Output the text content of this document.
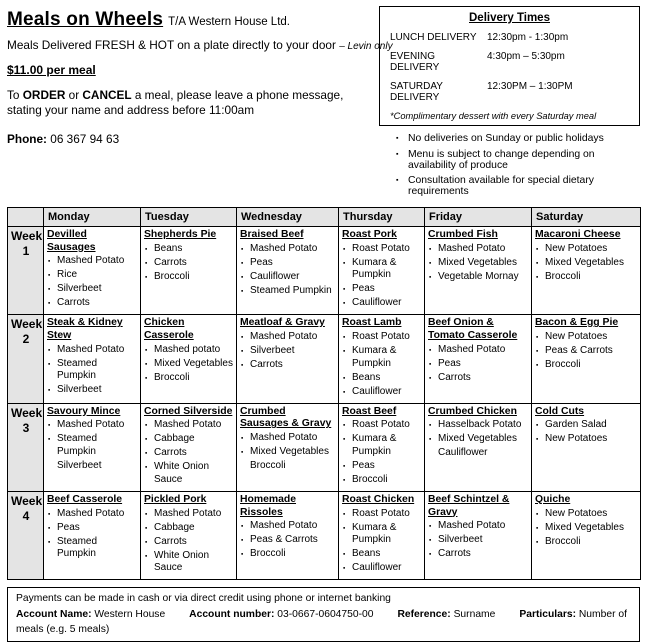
Meals on Wheels T/A Western House Ltd.
Meals Delivered FRESH & HOT on a plate directly to your door – Levin only
$11.00 per meal
To ORDER or CANCEL a meal, please leave a phone message, stating your name and address before 11:00am
Phone: 06 367 94 63
Delivery Times
LUNCH DELIVERY	12:30pm - 1:30pm
EVENING DELIVERY
4:30pm – 5:30pm
SATURDAY DELIVERY
12:30PM – 1:30PM
*Complimentary dessert with every Saturday meal
▪ No deliveries on Sunday or public holidays
▪ Menu is subject to change depending on availability of produce
▪ Consultation available for special dietary requirements
	Monday	Tuesday	Wednesday	Thursday	Friday	Saturday

Week
1

Devilled Sausages
▪ Mashed Potato
▪ Rice
▪ Silverbeet
▪ Carrots

Shepherds Pie
▪ Beans
▪ Carrots
▪ Broccoli

Braised Beef
▪ Mashed Potato
▪ Peas
▪ Cauliflower
▪ Steamed Pumpkin

Roast Pork
▪ Roast Potato
▪ Kumara & Pumpkin
▪ Peas
▪ Cauliflower

Crumbed Fish
▪ Mashed Potato
▪ Mixed Vegetables
▪ Vegetable Mornay

Macaroni Cheese
▪ New Potatoes
▪ Mixed Vegetables
▪ Broccoli

Week
2

Steak & Kidney Stew
▪ Mashed Potato
▪ Steamed Pumpkin
▪ Silverbeet

Chicken Casserole
▪ Mashed potato
▪ Mixed Vegetables
▪ Broccoli

Meatloaf & Gravy
▪ Mashed Potato
▪ Silverbeet
▪ Carrots

Roast Lamb
▪ Roast Potato
▪ Kumara & Pumpkin
▪ Beans
▪ Cauliflower

Beef Onion & Tomato Casserole
▪ Mashed Potato
▪ Peas
▪ Carrots

Bacon & Egg Pie
▪ New Potatoes
▪ Peas & Carrots
▪ Broccoli

Week
3

Savoury Mince
▪ Mashed Potato
▪ Steamed Pumpkin
Silverbeet

Corned Silverside
▪ Mashed Potato
▪ Cabbage
▪ Carrots
▪ White Onion Sauce

Crumbed Sausages & Gravy
▪ Mashed Potato
▪ Mixed Vegetables
Broccoli

Roast Beef
▪ Roast Potato
▪ Kumara & Pumpkin
▪ Peas
▪ Broccoli

Crumbed Chicken
▪ Hasselback Potato
▪ Mixed Vegetables
Cauliflower

Cold Cuts
▪ Garden Salad
▪ New Potatoes

Week
4

Beef Casserole
▪ Mashed Potato
▪ Peas
▪ Steamed Pumpkin

Pickled Pork
▪ Mashed Potato
▪ Cabbage
▪ Carrots
▪ White Onion Sauce

Homemade Rissoles
▪ Mashed Potato
▪ Peas & Carrots
▪ Broccoli

Roast Chicken
▪ Roast Potato
▪ Kumara & Pumpkin
▪ Beans
▪ Cauliflower

Beef Schintzel & Gravy
▪ Mashed Potato
▪ Silverbeet
▪ Carrots

Quiche
▪ New Potatoes
▪ Mixed Vegetables
▪ Broccoli
Payments can be made in cash or via direct credit using phone or internet banking
Account Name: Western House Account number: 03-0667-0604750-00 Reference: Surname Particulars: Number of meals (e.g. 5 meals)
